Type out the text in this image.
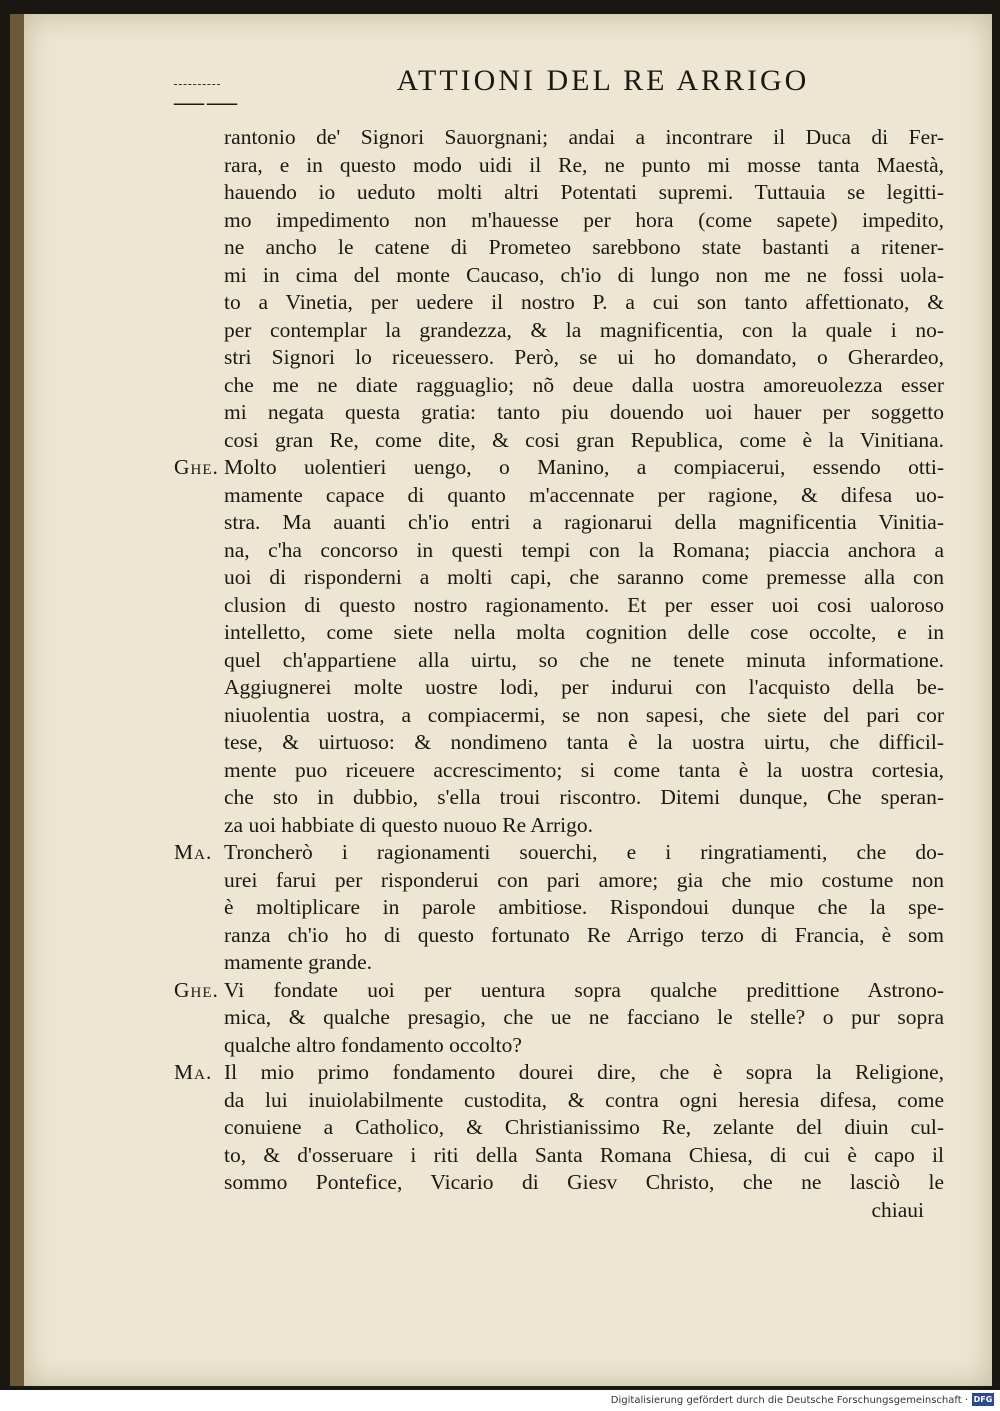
——
ATTIONI DEL RE ARRIGO
rantonio de' Signori Sauorgnani; andai a incontrare il Duca di Fer-
rara, e in questo modo uidi il Re, ne punto mi mosse tanta Maestà,
hauendo io ueduto molti altri Potentati supremi. Tuttauia se legitti-
mo impedimento non m'hauesse per hora (come sapete) impedito,
ne ancho le catene di Prometeo sarebbono state bastanti a ritener-
mi in cima del monte Caucaso, ch'io di lungo non me ne fossi uola-
to a Vinetia, per uedere il nostro P. a cui son tanto affettionato, &
per contemplar la grandezza, & la magnificentia, con la quale i no-
stri Signori lo riceuessero. Però, se ui ho domandato, o Gherardeo,
che me ne diate ragguaglio; nõ deue dalla uostra amoreuolezza esser
mi negata questa gratia: tanto piu douendo uoi hauer per soggetto
cosi gran Re, come dite, & cosi gran Republica, come è la Vinitiana.
Ghe. Molto uolentieri uengo, o Manino, a compiacerui, essendo otti-
mamente capace di quanto m'accennate per ragione, & difesa uo-
stra. Ma auanti ch'io entri a ragionarui della magnificentia Vinitia-
na, c'ha concorso in questi tempi con la Romana; piaccia anchora a
uoi di risponderni a molti capi, che saranno come premesse alla con
clusion di questo nostro ragionamento. Et per esser uoi cosi ualoroso
intelletto, come siete nella molta cognition delle cose occolte, e in
quel ch'appartiene alla uirtu, so che ne tenete minuta informatione.
Aggiugnerei molte uostre lodi, per indurui con l'acquisto della be-
niuolentia uostra, a compiacermi, se non sapesi, che siete del pari cor
tese, & uirtuoso: & nondimeno tanta è la uostra uirtu, che difficil-
mente puo riceuere accrescimento; si come tanta è la uostra cortesia,
che sto in dubbio, s'ella troui riscontro. Ditemi dunque, Che speran-
za uoi habbiate di questo nuouo Re Arrigo.
Ma. Troncherò i ragionamenti souerchi, e i ringratiamenti, che do-
urei farui per risponderui con pari amore; gia che mio costume non
è moltiplicare in parole ambitiose. Rispondoui dunque che la spe-
ranza ch'io ho di questo fortunato Re Arrigo terzo di Francia, è som
mamente grande.
Ghe. Vi fondate uoi per uentura sopra qualche predittione Astrono-
mica, & qualche presagio, che ue ne facciano le stelle? o pur sopra
qualche altro fondamento occolto?
Ma. Il mio primo fondamento dourei dire, che è sopra la Religione,
da lui inuiolabilmente custodita, & contra ogni heresia difesa, come
conuiene a Catholico, & Christianissimo Re, zelante del diuin cul-
to, & d'osseruare i riti della Santa Romana Chiesa, di cui è capo il
sommo Pontefice, Vicario di Giesv Christo, che ne lasciò le
chiaui
Digitalisierung gefördert durch die Deutsche Forschungsgemeinschaft · DFG
